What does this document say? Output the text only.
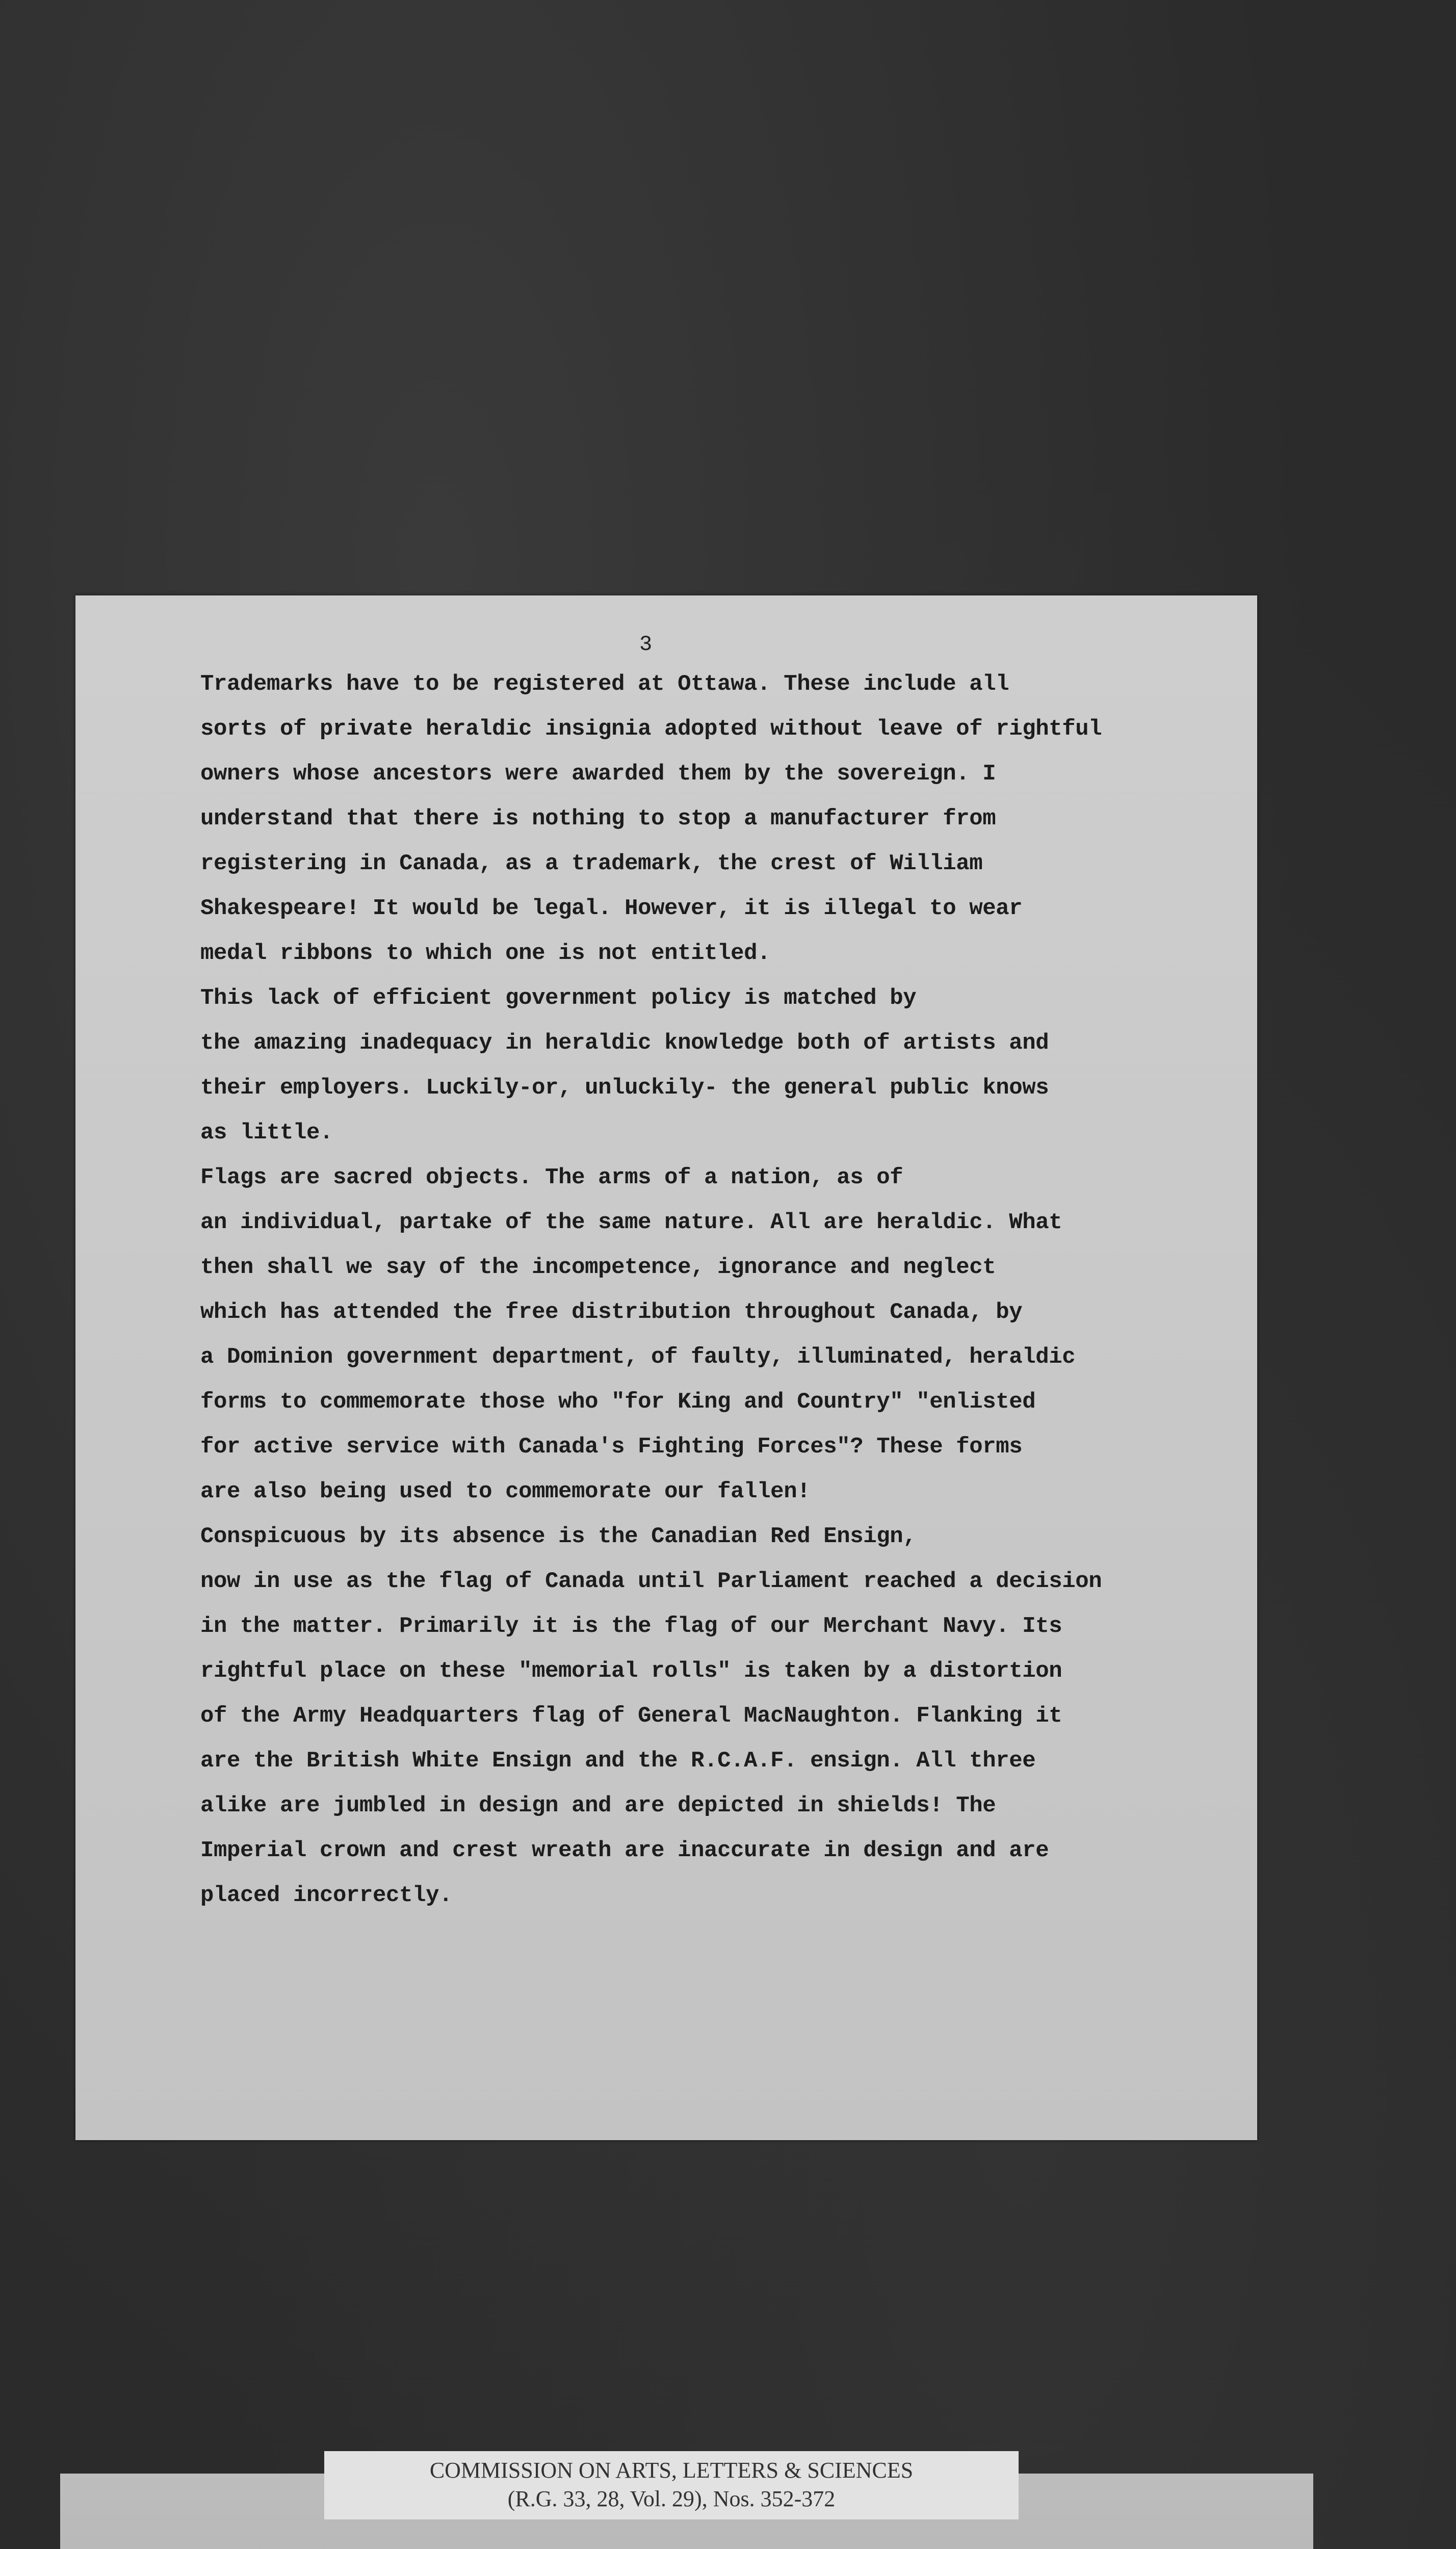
3

Trademarks have to be registered at Ottawa. These include all
sorts of private heraldic insignia adopted without leave of rightful
owners whose ancestors were awarded them by the sovereign. I
understand that there is nothing to stop a manufacturer from
registering in Canada, as a trademark, the crest of William
Shakespeare! It would be legal. However, it is illegal to wear
medal ribbons to which one is not entitled.

This lack of efficient government policy is matched by
the amazing inadequacy in heraldic knowledge both of artists and
their employers. Luckily-or, unluckily- the general public knows
as little.

Flags are sacred objects. The arms of a nation, as of
an individual, partake of the same nature. All are heraldic. What
then shall we say of the incompetence, ignorance and neglect
which has attended the free distribution throughout Canada, by
a Dominion government department, of faulty, illuminated, heraldic
forms to commemorate those who "for King and Country" "enlisted
for active service with Canada's Fighting Forces"? These forms
are also being used to commemorate our fallen!

Conspicuous by its absence is the Canadian Red Ensign,
now in use as the flag of Canada until Parliament reached a decision
in the matter. Primarily it is the flag of our Merchant Navy. Its
rightful place on these "memorial rolls" is taken by a distortion
of the Army Headquarters flag of General MacNaughton. Flanking it
are the British White Ensign and the R.C.A.F. ensign. All three
alike are jumbled in design and are depicted in shields! The
Imperial crown and crest wreath are inaccurate in design and are
placed incorrectly.

COMMISSION ON ARTS, LETTERS & SCIENCES
(R.G. 33, 28, Vol. 29), Nos. 352-372
